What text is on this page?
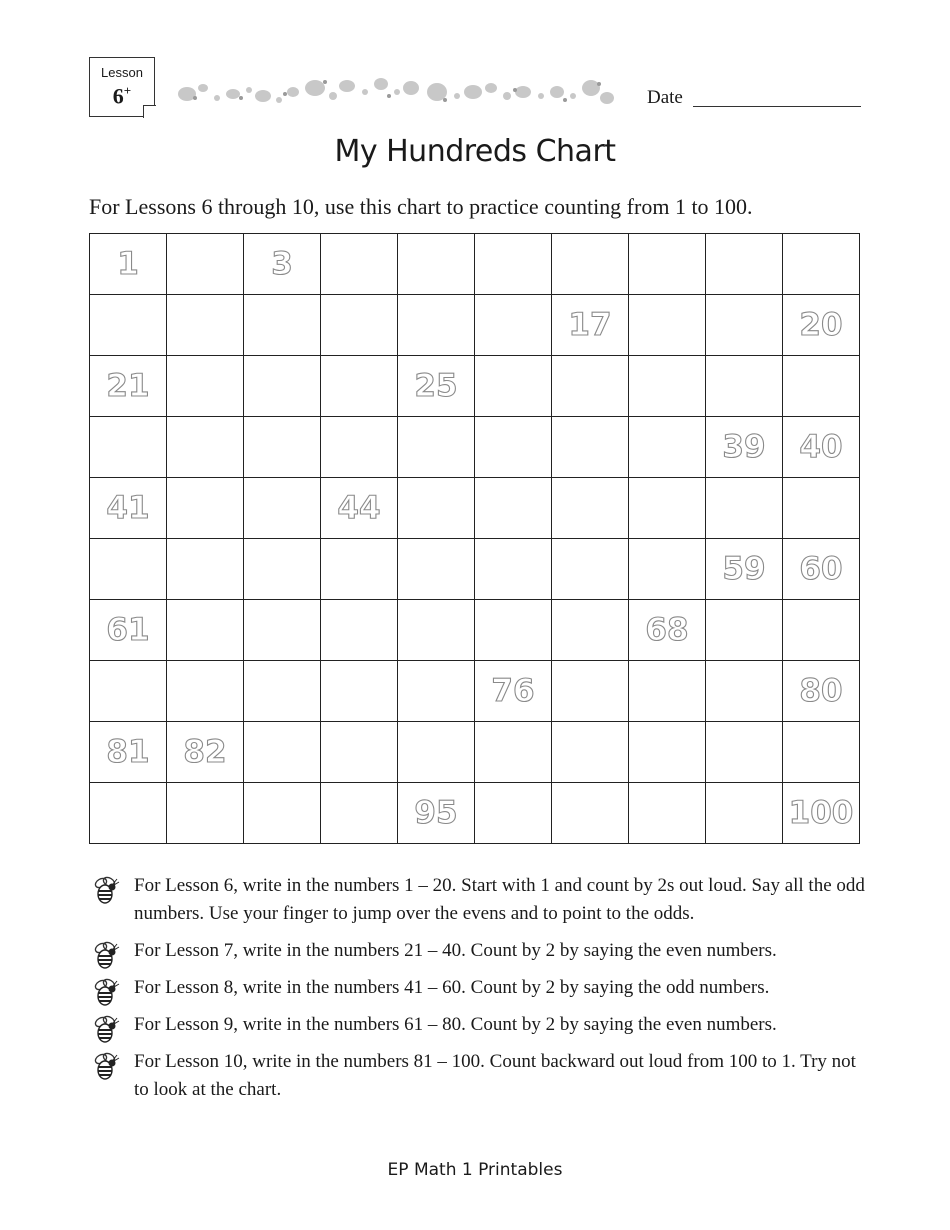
Lesson
6+	Date
My Hundreds Chart
For Lessons 6 through 10, use this chart to practice counting from 1 to 100.
1		3							
						17			20
21				25					
								39	40
41			44						
								59	60
61							68		
					76				80
81	82								
				95					100
For Lesson 6, write in the numbers 1 – 20. Start with 1 and count by 2s out loud. Say all the odd numbers. Use your finger to jump over the evens and to point to the odds.
For Lesson 7, write in the numbers 21 – 40. Count by 2 by saying the even numbers.
For Lesson 8, write in the numbers 41 – 60. Count by 2 by saying the odd numbers.
For Lesson 9, write in the numbers 61 – 80. Count by 2 by saying the even numbers.
For Lesson 10, write in the numbers 81 – 100. Count backward out loud from 100 to 1. Try not to look at the chart.
EP Math 1 Printables
